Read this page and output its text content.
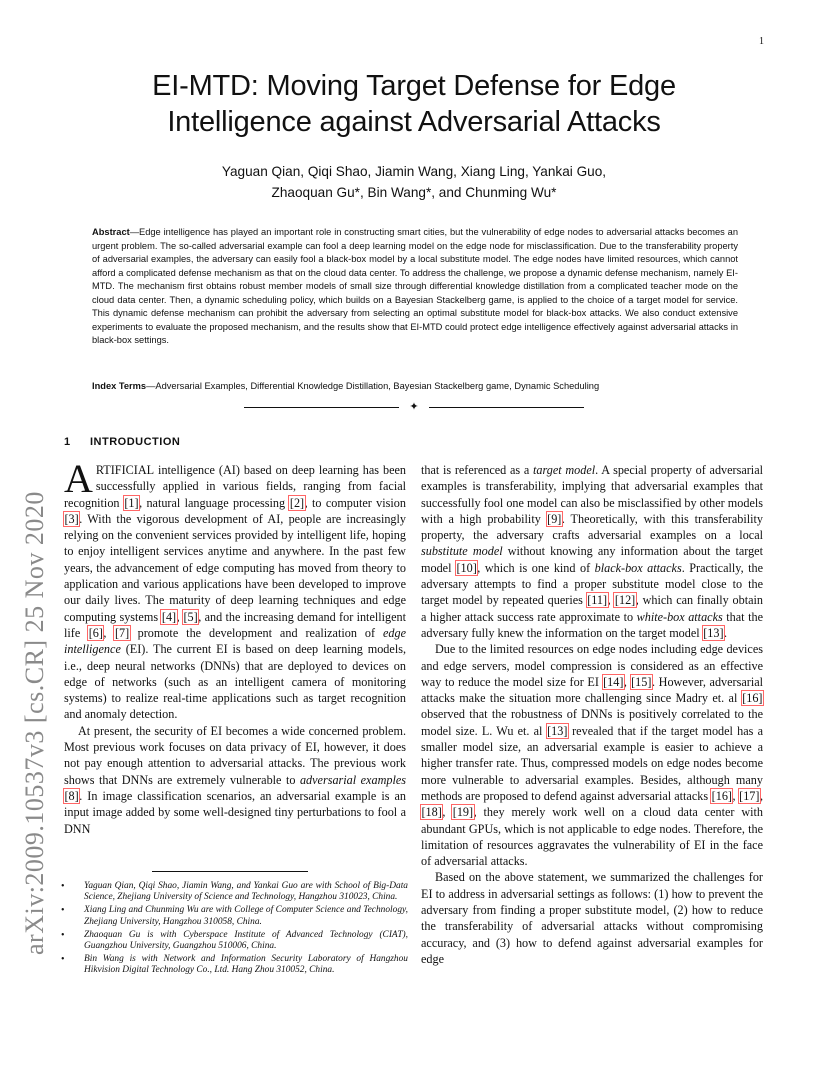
1
arXiv:2009.10537v3 [cs.CR] 25 Nov 2020
EI-MTD: Moving Target Defense for Edge Intelligence against Adversarial Attacks
Yaguan Qian, Qiqi Shao, Jiamin Wang, Xiang Ling, Yankai Guo,
Zhaoquan Gu*, Bin Wang*, and Chunming Wu*

Abstract—Edge intelligence has played an important role in constructing smart cities, but the vulnerability of edge nodes to adversarial attacks becomes an urgent problem. The so-called adversarial example can fool a deep learning model on the edge node for misclassification. Due to the transferability property of adversarial examples, the adversary can easily fool a black-box model by a local substitute model. The edge nodes have limited resources, which cannot afford a complicated defense mechanism as that on the cloud data center. To address the challenge, we propose a dynamic defense mechanism, namely EI-MTD. The mechanism first obtains robust member models of small size through differential knowledge distillation from a complicated teacher mode on the cloud data center. Then, a dynamic scheduling policy, which builds on a Bayesian Stackelberg game, is applied to the choice of a target model for service. This dynamic defense mechanism can prohibit the adversary from selecting an optimal substitute model for black-box attacks. We also conduct extensive experiments to evaluate the proposed mechanism, and the results show that EI-MTD could protect edge intelligence effectively against adversarial attacks in black-box settings.

Index Terms—Adversarial Examples, Differential Knowledge Distillation, Bayesian Stackelberg game, Dynamic Scheduling

✦
1 INTRODUCTION

ARTIFICIAL intelligence (AI) based on deep learning has been successfully applied in various fields, ranging from facial recognition [1], natural language processing [2], to computer vision [3]. With the vigorous development of AI, people are increasingly relying on the convenient services provided by intelligent life, hoping to enjoy intelligent services anytime and anywhere. In the past few years, the advancement of edge computing has moved from theory to application and various applications have been developed to improve our daily lives. The maturity of deep learning techniques and edge computing systems [4], [5], and the increasing demand for intelligent life [6], [7] promote the development and realization of edge intelligence (EI). The current EI is based on deep learning models, i.e., deep neural networks (DNNs) that are deployed to devices on edge of networks (such as an intelligent camera of monitoring systems) to realize real-time applications such as target recognition and anomaly detection.

At present, the security of EI becomes a wide concerned problem. Most previous work focuses on data privacy of EI, however, it does not pay enough attention to adversarial attacks. The previous work shows that DNNs are extremely vulnerable to adversarial examples [8]. In image classification scenarios, an adversarial example is an input image added by some well-designed tiny perturbations to fool a DNN

that is referenced as a target model. A special property of adversarial examples is transferability, implying that adversarial examples that successfully fool one model can also be misclassified by other models with a high probability [9]. Theoretically, with this transferability property, the adversary crafts adversarial examples on a local substitute model without knowing any information about the target model [10], which is one kind of black-box attacks. Practically, the adversary attempts to find a proper substitute model close to the target model by repeated queries [11], [12], which can finally obtain a higher attack success rate approximate to white-box attacks that the adversary fully knew the information on the target model [13].

Due to the limited resources on edge nodes including edge devices and edge servers, model compression is considered as an effective way to reduce the model size for EI [14], [15]. However, adversarial attacks make the situation more challenging since Madry et. al [16] observed that the robustness of DNNs is positively correlated to the model size. L. Wu et. al [13] revealed that if the target model has a smaller model size, an adversarial example is easier to achieve a higher transfer rate. Thus, compressed models on edge nodes become more vulnerable to adversarial examples. Besides, although many methods are proposed to defend against adversarial attacks [16], [17], [18], [19], they merely work well on a cloud data center with abundant GPUs, which is not applicable to edge nodes. Therefore, the limitation of resources aggravates the vulnerability of EI in the face of adversarial attacks.

Based on the above statement, we summarized the challenges for EI to address in adversarial settings as follows: (1) how to prevent the adversary from finding a proper substitute model, (2) how to reduce the transferability of adversarial attacks without compromising accuracy, and (3) how to defend against adversarial examples for edge

• Yaguan Qian, Qiqi Shao, Jiamin Wang, and Yankai Guo are with School of Big-Data Science, Zhejiang University of Science and Technology, Hangzhou 310023, China.
• Xiang Ling and Chunming Wu are with College of Computer Science and Technology, Zhejiang University, Hangzhou 310058, China.
• Zhaoquan Gu is with Cyberspace Institute of Advanced Technology (CIAT), Guangzhou University, Guangzhou 510006, China.
• Bin Wang is with Network and Information Security Laboratory of Hangzhou Hikvision Digital Technology Co., Ltd. Hang Zhou 310052, China.
